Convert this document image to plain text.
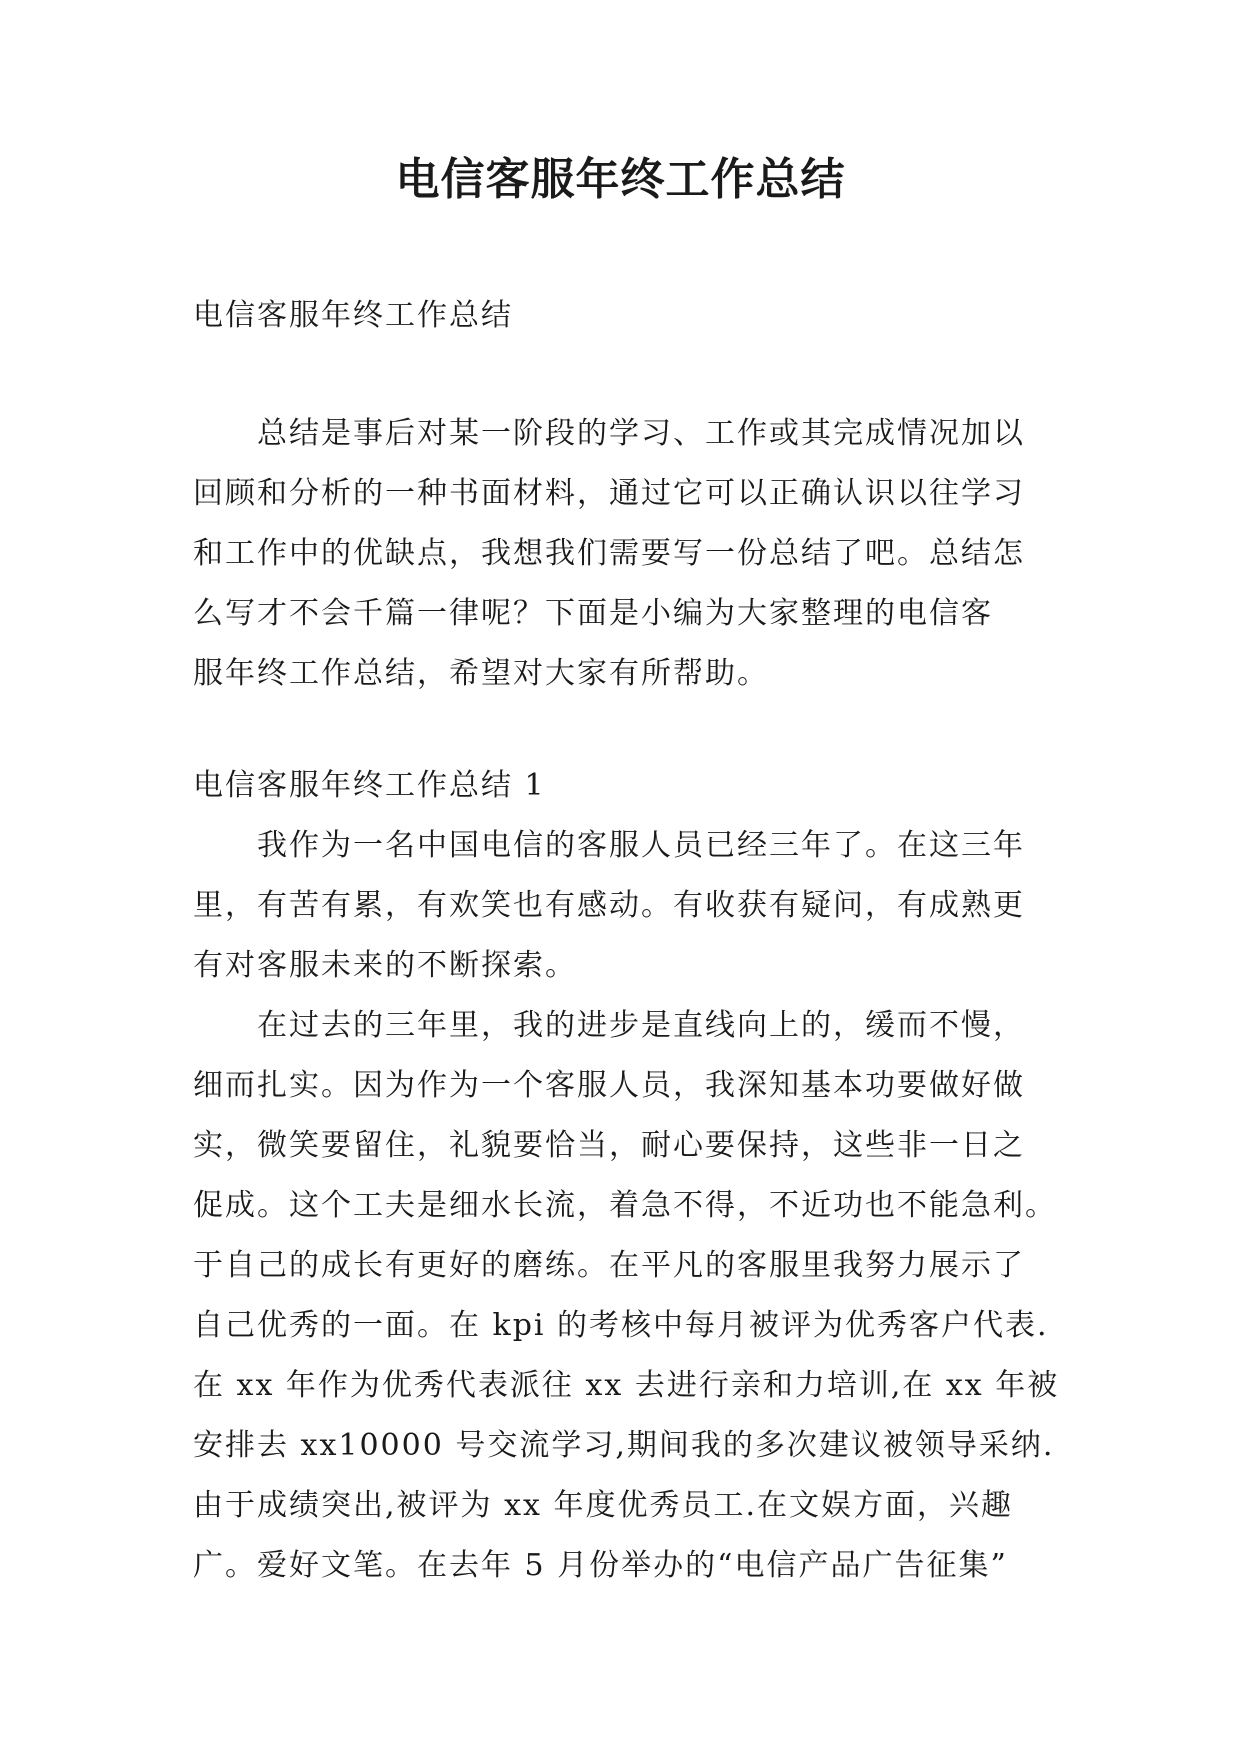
电信客服年终工作总结

电信客服年终工作总结

总结是事后对某一阶段的学习、工作或其完成情况加以
回顾和分析的一种书面材料，通过它可以正确认识以往学习
和工作中的优缺点，我想我们需要写一份总结了吧。总结怎
么写才不会千篇一律呢？下面是小编为大家整理的电信客
服年终工作总结，希望对大家有所帮助。

电信客服年终工作总结 1

我作为一名中国电信的客服人员已经三年了。在这三年
里，有苦有累，有欢笑也有感动。有收获有疑问，有成熟更
有对客服未来的不断探索。
在过去的三年里，我的进步是直线向上的，缓而不慢，
细而扎实。因为作为一个客服人员，我深知基本功要做好做
实，微笑要留住，礼貌要恰当，耐心要保持，这些非一日之
促成。这个工夫是细水长流，着急不得，不近功也不能急利。
于自己的成长有更好的磨练。在平凡的客服里我努力展示了
自己优秀的一面。在 kpi 的考核中每月被评为优秀客户代表.
在 xx 年作为优秀代表派往 xx 去进行亲和力培训,在 xx 年被
安排去 xx10000 号交流学习,期间我的多次建议被领导采纳.
由于成绩突出,被评为 xx 年度优秀员工.在文娱方面，兴趣
广。爱好文笔。在去年 5 月份举办的“电信产品广告征集”
